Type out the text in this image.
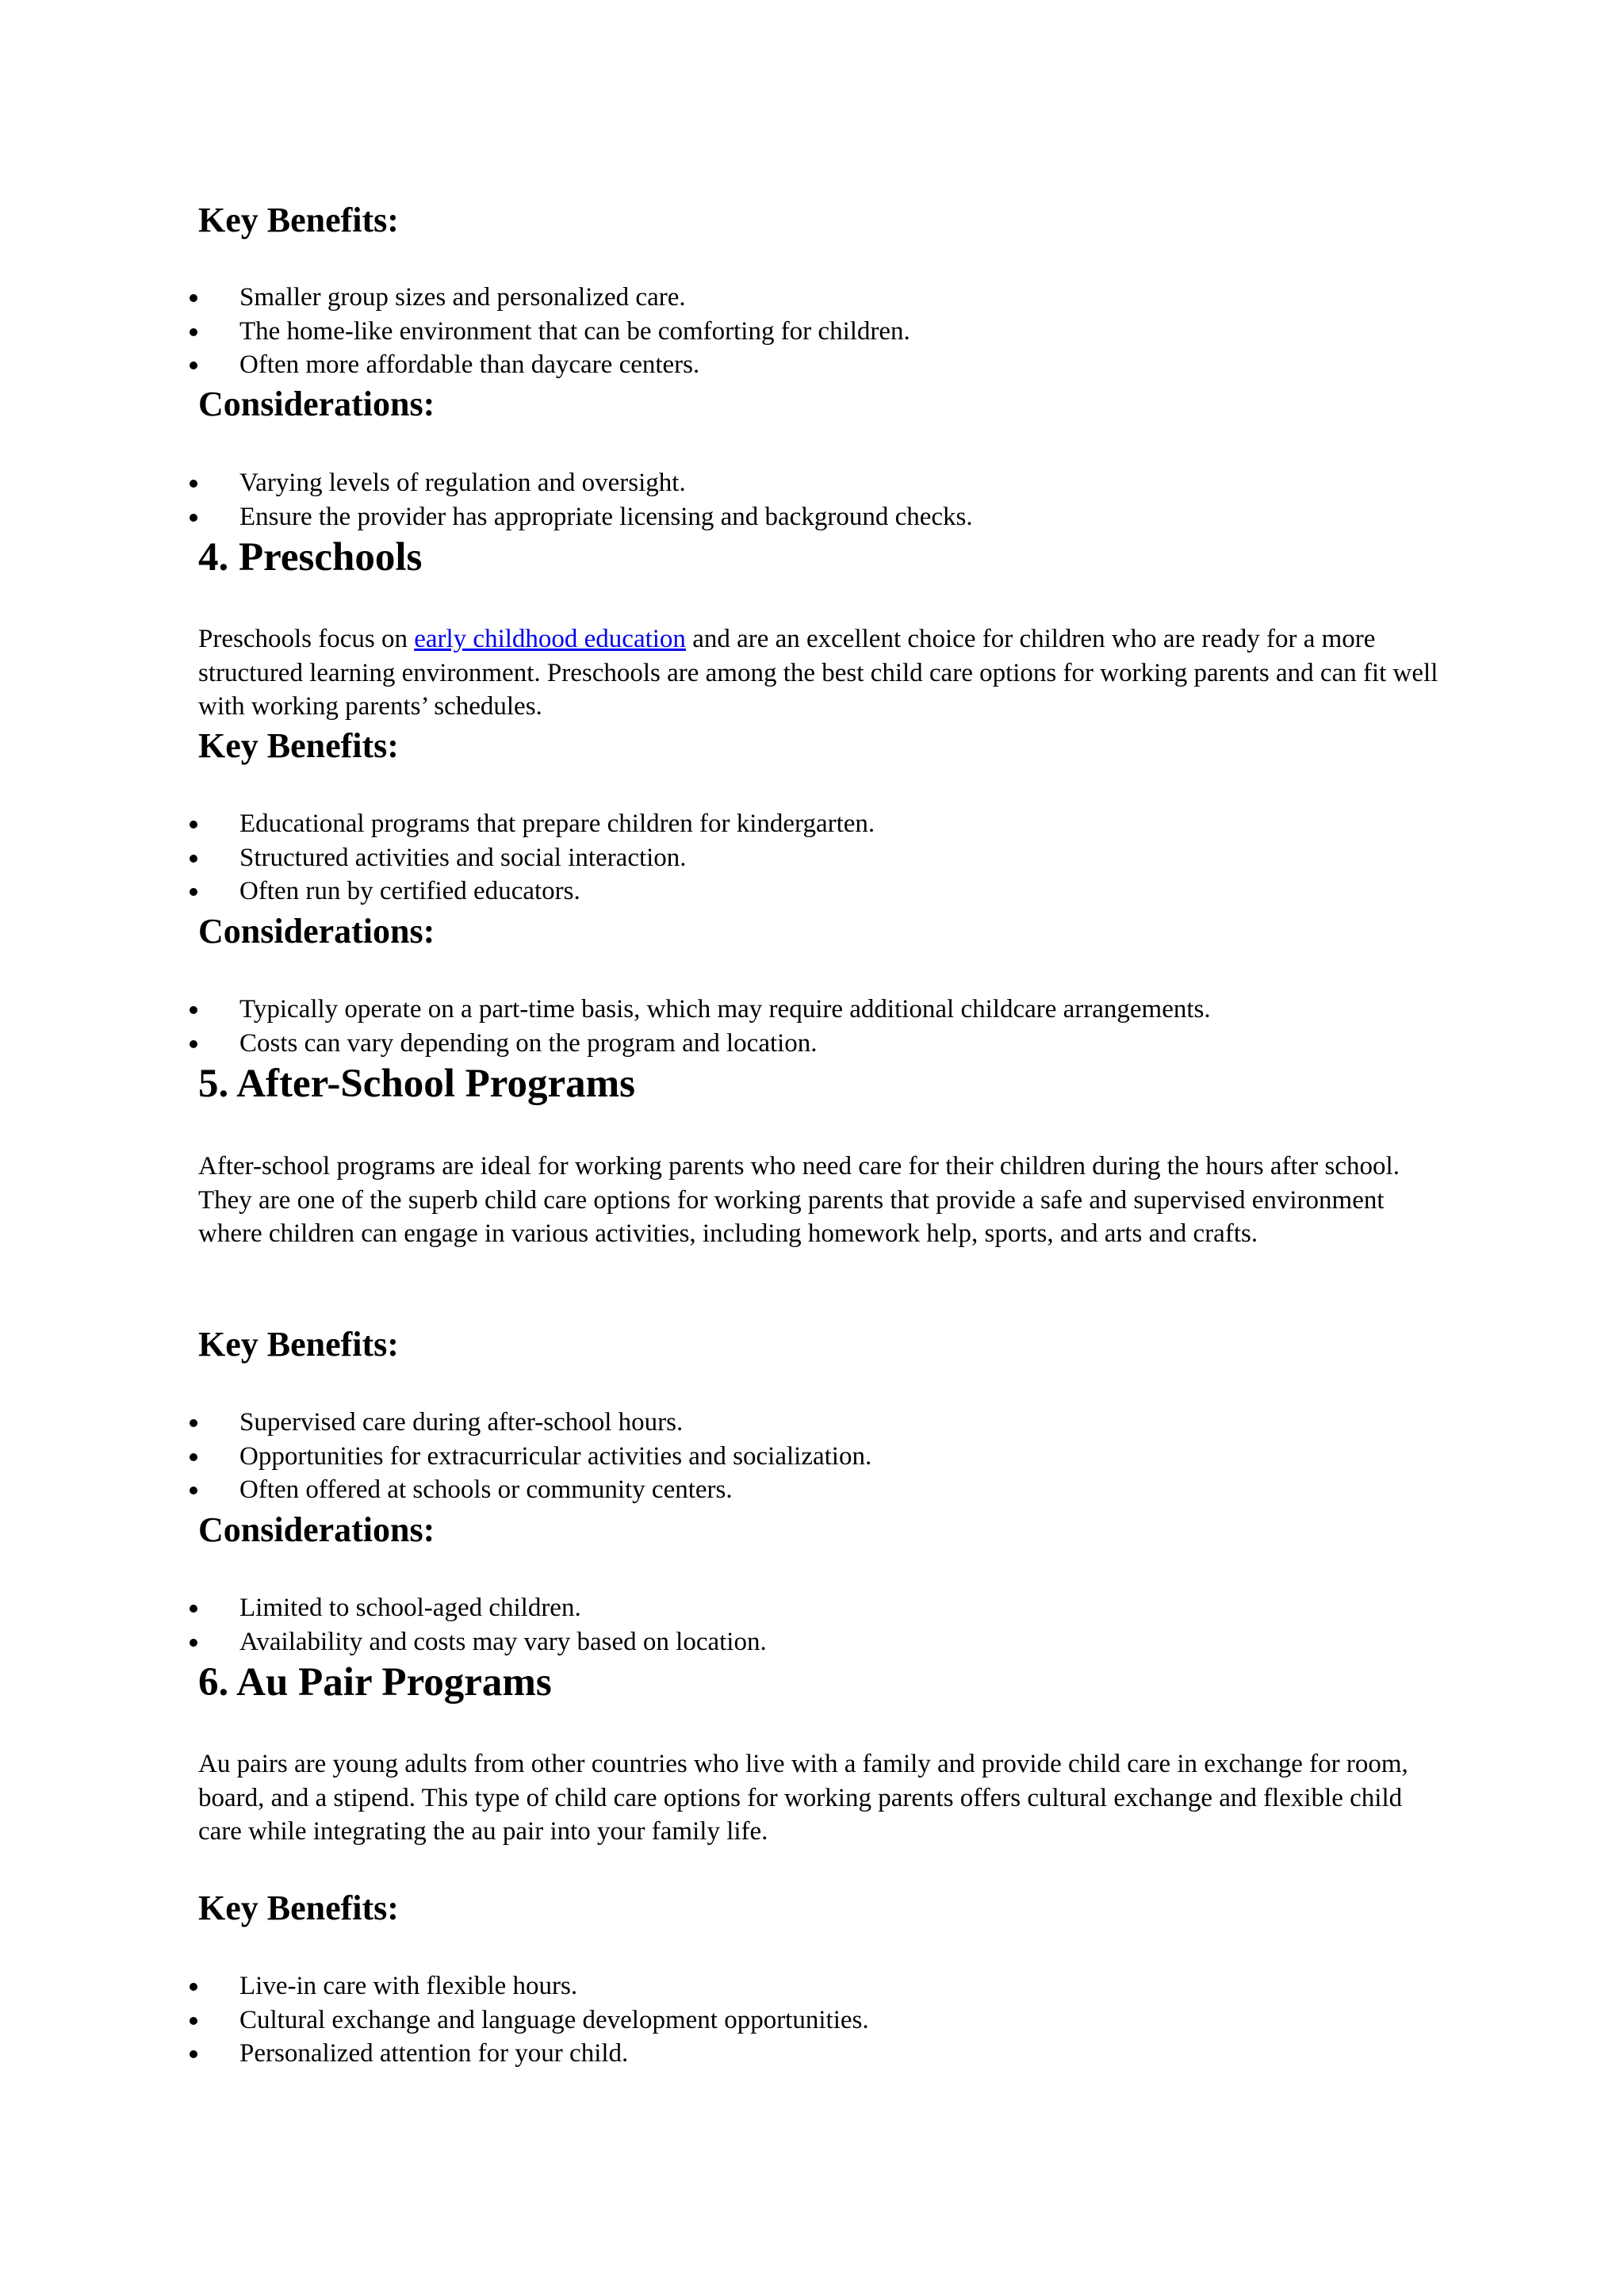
Key Benefits:
Smaller group sizes and personalized care.
The home-like environment that can be comforting for children.
Often more affordable than daycare centers.
Considerations:
Varying levels of regulation and oversight.
Ensure the provider has appropriate licensing and background checks.
4. Preschools

Preschools focus on early childhood education and are an excellent choice for children who are ready for a more structured learning environment. Preschools are among the best child care options for working parents and can fit well with working parents’ schedules.

Key Benefits:
Educational programs that prepare children for kindergarten.
Structured activities and social interaction.
Often run by certified educators.
Considerations:
Typically operate on a part-time basis, which may require additional childcare arrangements.
Costs can vary depending on the program and location.
5. After-School Programs

After-school programs are ideal for working parents who need care for their children during the hours after school. They are one of the superb child care options for working parents that provide a safe and supervised environment where children can engage in various activities, including homework help, sports, and arts and crafts.

Key Benefits:
Supervised care during after-school hours.
Opportunities for extracurricular activities and socialization.
Often offered at schools or community centers.
Considerations:
Limited to school-aged children.
Availability and costs may vary based on location.
6. Au Pair Programs

Au pairs are young adults from other countries who live with a family and provide child care in exchange for room, board, and a stipend. This type of child care options for working parents offers cultural exchange and flexible child care while integrating the au pair into your family life.

Key Benefits:
Live-in care with flexible hours.
Cultural exchange and language development opportunities.
Personalized attention for your child.
